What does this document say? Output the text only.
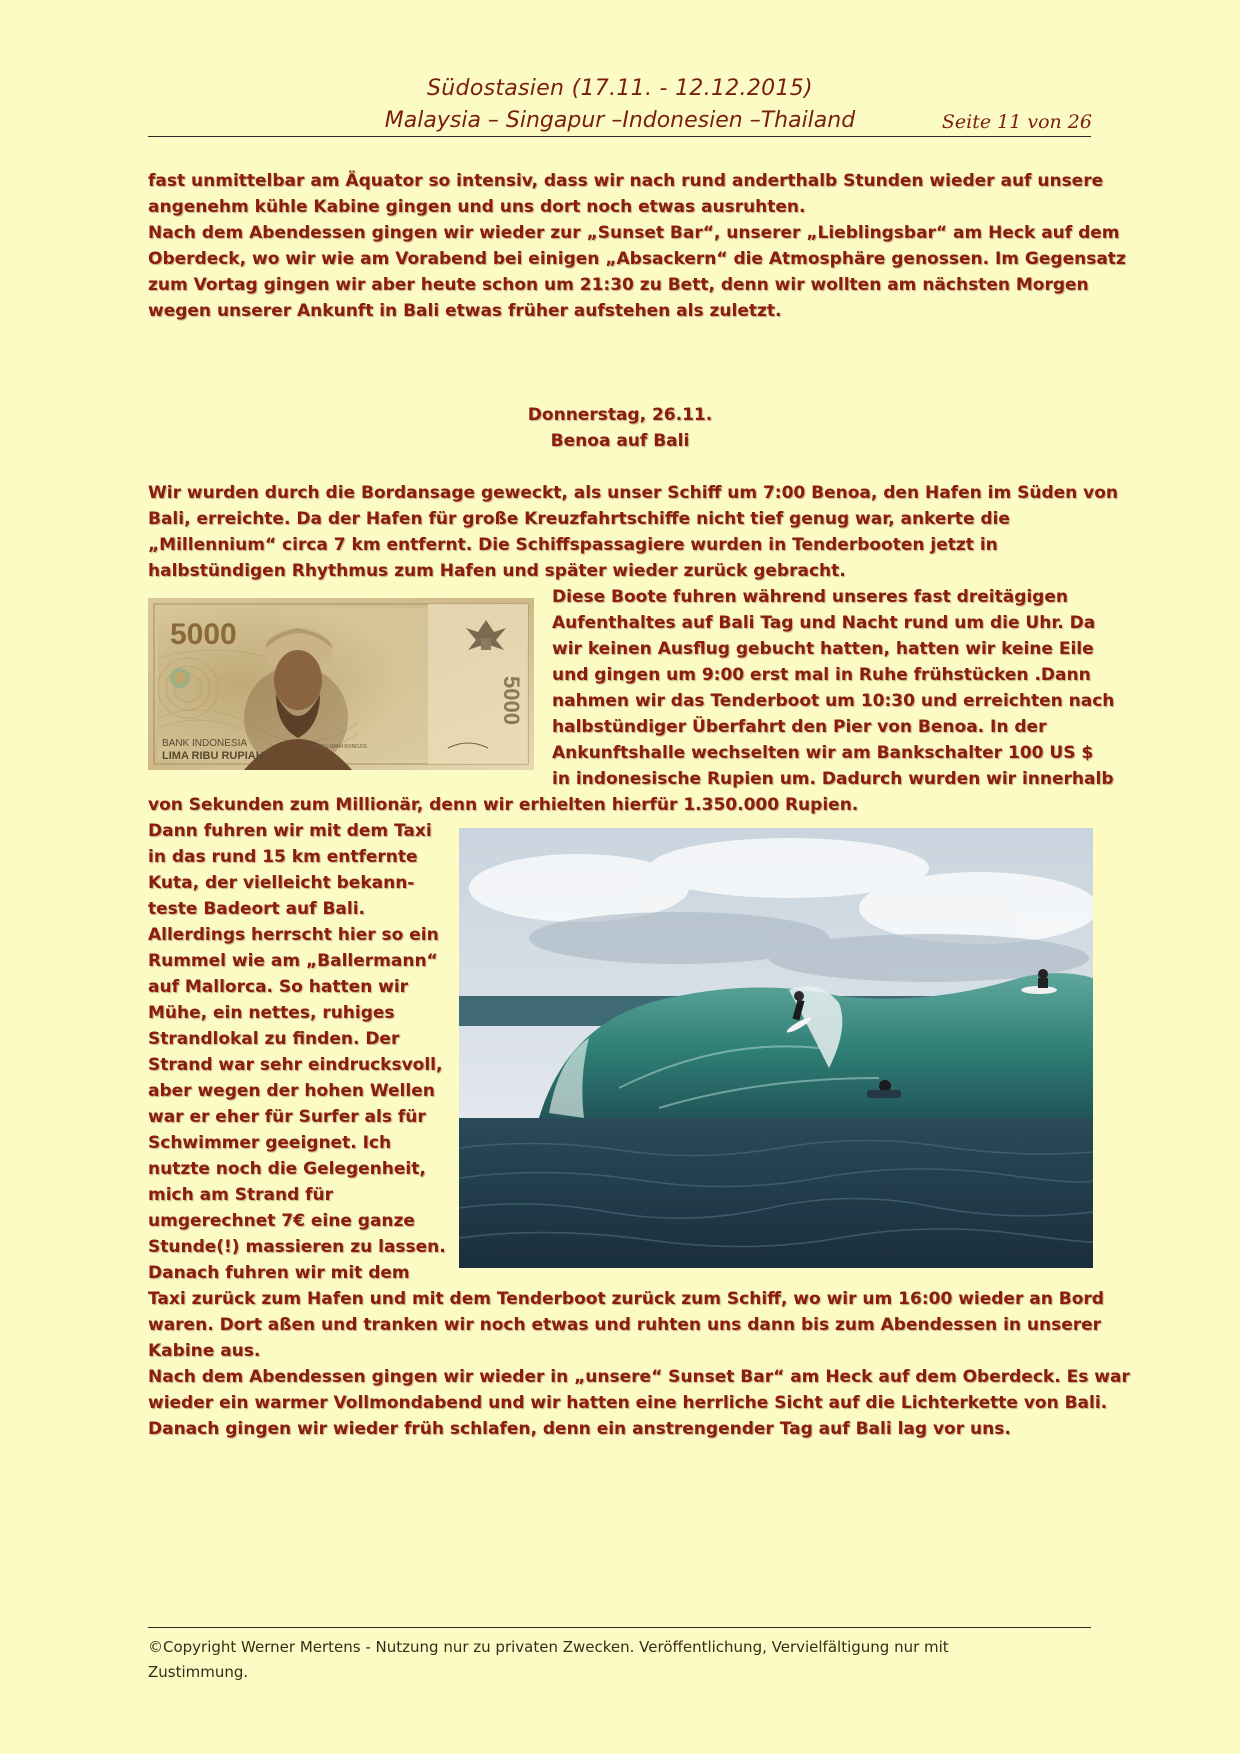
Südostasien (17.11. - 12.12.2015)
Malaysia – Singapur –Indonesien –Thailand	Seite 11 von 26
fast unmittelbar am Äquator so intensiv, dass wir nach rund anderthalb Stunden wieder auf unsere
angenehm kühle Kabine gingen und uns dort noch etwas ausruhten.
Nach dem Abendessen gingen wir wieder zur „Sunset Bar“, unserer „Lieblingsbar“ am Heck auf dem
Oberdeck, wo wir wie am Vorabend bei einigen „Absackern“ die Atmosphäre genossen. Im Gegensatz
zum Vortag gingen wir aber heute schon um 21:30 zu Bett, denn wir wollten am nächsten Morgen
wegen unserer Ankunft in Bali etwas früher aufstehen als zuletzt.
Donnerstag, 26.11.
Benoa auf Bali
Wir wurden durch die Bordansage geweckt, als unser Schiff um 7:00 Benoa, den Hafen im Süden von
Bali, erreichte. Da der Hafen für große Kreuzfahrtschiffe nicht tief genug war, ankerte die
„Millennium“ circa 7 km entfernt. Die Schiffspassagiere wurden in Tenderbooten jetzt in
halbstündigen Rhythmus zum Hafen und später wieder zurück gebracht.
5000
BANK INDONESIA
LIMA RIBU RUPIAH
TUANKU IMAM BONDJOL
5000
Diese Boote fuhren während unseres fast dreitägigen
Aufenthaltes auf Bali Tag und Nacht rund um die Uhr. Da
wir keinen Ausflug gebucht hatten, hatten wir keine Eile
und gingen um 9:00 erst mal in Ruhe frühstücken .Dann
nahmen wir das Tenderboot um 10:30 und erreichten nach
halbstündiger Überfahrt den Pier von Benoa. In der
Ankunftshalle wechselten wir am Bankschalter 100 US $
in indonesische Rupien um. Dadurch wurden wir innerhalb
von Sekunden zum Millionär, denn wir erhielten hierfür 1.350.000 Rupien.
Dann fuhren wir mit dem Taxi
in das rund 15 km entfernte
Kuta, der vielleicht bekann-
teste Badeort auf Bali.
Allerdings herrscht hier so ein
Rummel wie am „Ballermann“
auf Mallorca. So hatten wir
Mühe, ein nettes, ruhiges
Strandlokal zu finden. Der
Strand war sehr eindrucksvoll,
aber wegen der hohen Wellen
war er eher für Surfer als für
Schwimmer geeignet. Ich
nutzte noch die Gelegenheit,
mich am Strand für
umgerechnet 7€ eine ganze
Stunde(!) massieren zu lassen.
Danach fuhren wir mit dem
Taxi zurück zum Hafen und mit dem Tenderboot zurück zum Schiff, wo wir um 16:00 wieder an Bord
waren. Dort aßen und tranken wir noch etwas und ruhten uns dann bis zum Abendessen in unserer
Kabine aus.
Nach dem Abendessen gingen wir wieder in „unsere“ Sunset Bar“ am Heck auf dem Oberdeck. Es war
wieder ein warmer Vollmondabend und wir hatten eine herrliche Sicht auf die Lichterkette von Bali.
Danach gingen wir wieder früh schlafen, denn ein anstrengender Tag auf Bali lag vor uns.
©Copyright Werner Mertens - Nutzung nur zu privaten Zwecken. Veröffentlichung, Vervielfältigung nur mit
Zustimmung.
